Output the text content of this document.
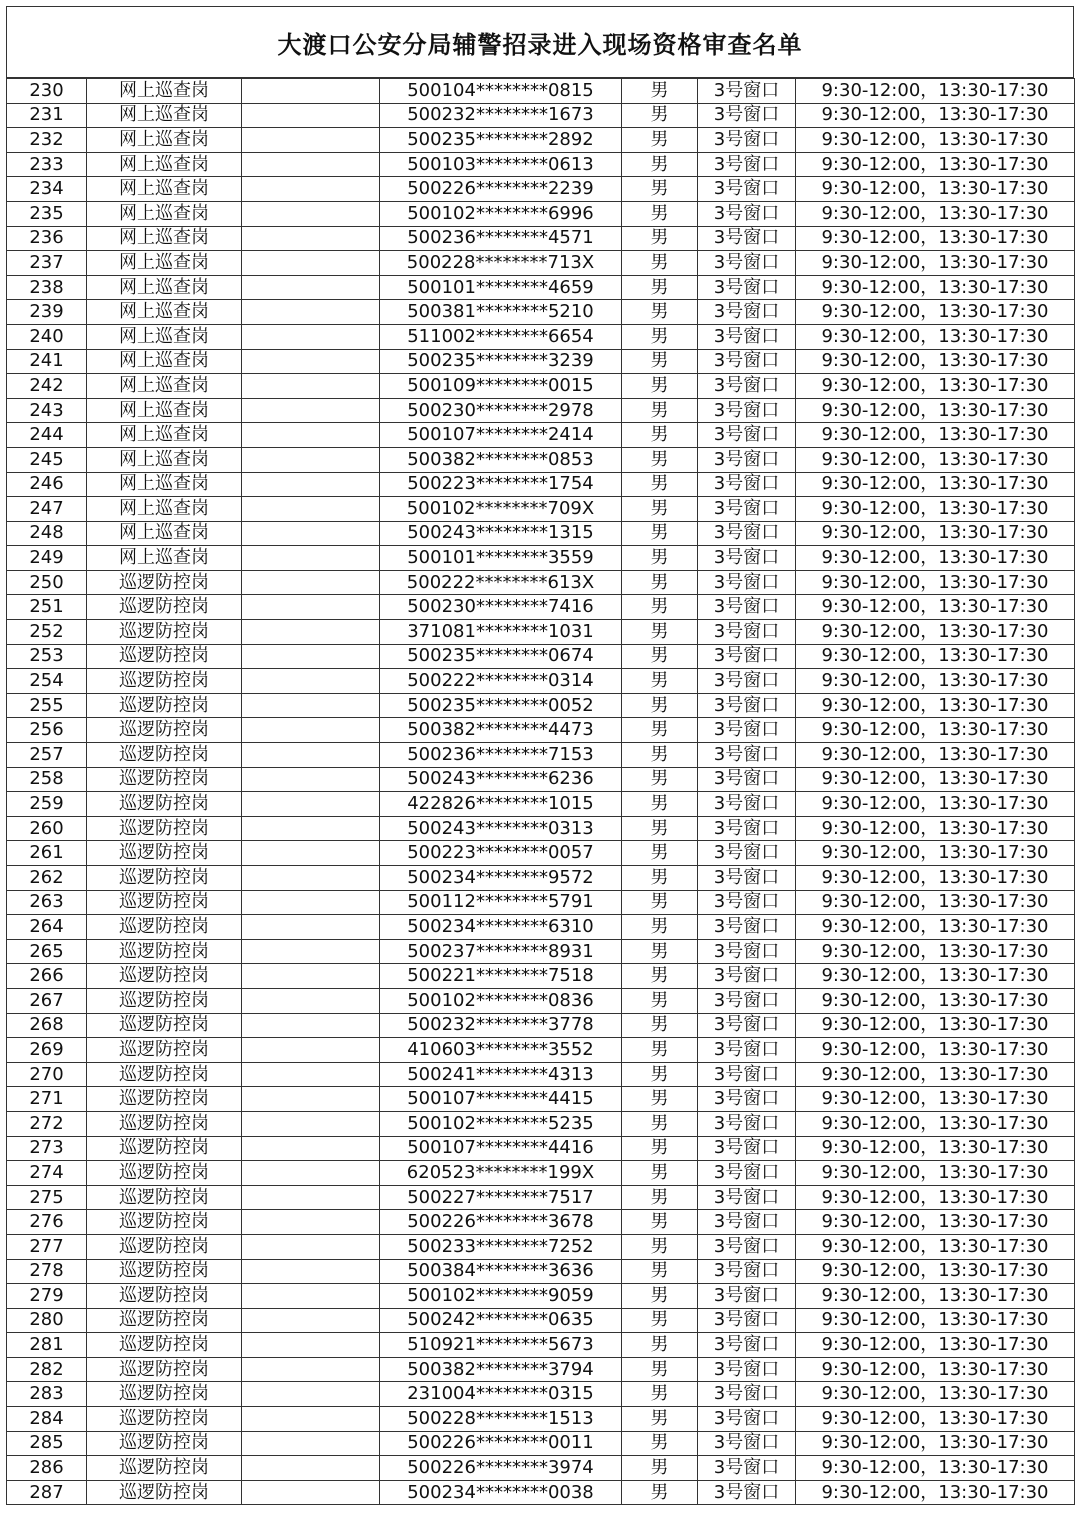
大渡口公安分局辅警招录进入现场资格审查名单
230	网上巡查岗		500104********0815	男	3号窗口	9:30-12:00，13:30-17:30
231	网上巡查岗		500232********1673	男	3号窗口	9:30-12:00，13:30-17:30
232	网上巡查岗		500235********2892	男	3号窗口	9:30-12:00，13:30-17:30
233	网上巡查岗		500103********0613	男	3号窗口	9:30-12:00，13:30-17:30
234	网上巡查岗		500226********2239	男	3号窗口	9:30-12:00，13:30-17:30
235	网上巡查岗		500102********6996	男	3号窗口	9:30-12:00，13:30-17:30
236	网上巡查岗		500236********4571	男	3号窗口	9:30-12:00，13:30-17:30
237	网上巡查岗		500228********713X	男	3号窗口	9:30-12:00，13:30-17:30
238	网上巡查岗		500101********4659	男	3号窗口	9:30-12:00，13:30-17:30
239	网上巡查岗		500381********5210	男	3号窗口	9:30-12:00，13:30-17:30
240	网上巡查岗		511002********6654	男	3号窗口	9:30-12:00，13:30-17:30
241	网上巡查岗		500235********3239	男	3号窗口	9:30-12:00，13:30-17:30
242	网上巡查岗		500109********0015	男	3号窗口	9:30-12:00，13:30-17:30
243	网上巡查岗		500230********2978	男	3号窗口	9:30-12:00，13:30-17:30
244	网上巡查岗		500107********2414	男	3号窗口	9:30-12:00，13:30-17:30
245	网上巡查岗		500382********0853	男	3号窗口	9:30-12:00，13:30-17:30
246	网上巡查岗		500223********1754	男	3号窗口	9:30-12:00，13:30-17:30
247	网上巡查岗		500102********709X	男	3号窗口	9:30-12:00，13:30-17:30
248	网上巡查岗		500243********1315	男	3号窗口	9:30-12:00，13:30-17:30
249	网上巡查岗		500101********3559	男	3号窗口	9:30-12:00，13:30-17:30
250	巡逻防控岗		500222********613X	男	3号窗口	9:30-12:00，13:30-17:30
251	巡逻防控岗		500230********7416	男	3号窗口	9:30-12:00，13:30-17:30
252	巡逻防控岗		371081********1031	男	3号窗口	9:30-12:00，13:30-17:30
253	巡逻防控岗		500235********0674	男	3号窗口	9:30-12:00，13:30-17:30
254	巡逻防控岗		500222********0314	男	3号窗口	9:30-12:00，13:30-17:30
255	巡逻防控岗		500235********0052	男	3号窗口	9:30-12:00，13:30-17:30
256	巡逻防控岗		500382********4473	男	3号窗口	9:30-12:00，13:30-17:30
257	巡逻防控岗		500236********7153	男	3号窗口	9:30-12:00，13:30-17:30
258	巡逻防控岗		500243********6236	男	3号窗口	9:30-12:00，13:30-17:30
259	巡逻防控岗		422826********1015	男	3号窗口	9:30-12:00，13:30-17:30
260	巡逻防控岗		500243********0313	男	3号窗口	9:30-12:00，13:30-17:30
261	巡逻防控岗		500223********0057	男	3号窗口	9:30-12:00，13:30-17:30
262	巡逻防控岗		500234********9572	男	3号窗口	9:30-12:00，13:30-17:30
263	巡逻防控岗		500112********5791	男	3号窗口	9:30-12:00，13:30-17:30
264	巡逻防控岗		500234********6310	男	3号窗口	9:30-12:00，13:30-17:30
265	巡逻防控岗		500237********8931	男	3号窗口	9:30-12:00，13:30-17:30
266	巡逻防控岗		500221********7518	男	3号窗口	9:30-12:00，13:30-17:30
267	巡逻防控岗		500102********0836	男	3号窗口	9:30-12:00，13:30-17:30
268	巡逻防控岗		500232********3778	男	3号窗口	9:30-12:00，13:30-17:30
269	巡逻防控岗		410603********3552	男	3号窗口	9:30-12:00，13:30-17:30
270	巡逻防控岗		500241********4313	男	3号窗口	9:30-12:00，13:30-17:30
271	巡逻防控岗		500107********4415	男	3号窗口	9:30-12:00，13:30-17:30
272	巡逻防控岗		500102********5235	男	3号窗口	9:30-12:00，13:30-17:30
273	巡逻防控岗		500107********4416	男	3号窗口	9:30-12:00，13:30-17:30
274	巡逻防控岗		620523********199X	男	3号窗口	9:30-12:00，13:30-17:30
275	巡逻防控岗		500227********7517	男	3号窗口	9:30-12:00，13:30-17:30
276	巡逻防控岗		500226********3678	男	3号窗口	9:30-12:00，13:30-17:30
277	巡逻防控岗		500233********7252	男	3号窗口	9:30-12:00，13:30-17:30
278	巡逻防控岗		500384********3636	男	3号窗口	9:30-12:00，13:30-17:30
279	巡逻防控岗		500102********9059	男	3号窗口	9:30-12:00，13:30-17:30
280	巡逻防控岗		500242********0635	男	3号窗口	9:30-12:00，13:30-17:30
281	巡逻防控岗		510921********5673	男	3号窗口	9:30-12:00，13:30-17:30
282	巡逻防控岗		500382********3794	男	3号窗口	9:30-12:00，13:30-17:30
283	巡逻防控岗		231004********0315	男	3号窗口	9:30-12:00，13:30-17:30
284	巡逻防控岗		500228********1513	男	3号窗口	9:30-12:00，13:30-17:30
285	巡逻防控岗		500226********0011	男	3号窗口	9:30-12:00，13:30-17:30
286	巡逻防控岗		500226********3974	男	3号窗口	9:30-12:00，13:30-17:30
287	巡逻防控岗		500234********0038	男	3号窗口	9:30-12:00，13:30-17:30
